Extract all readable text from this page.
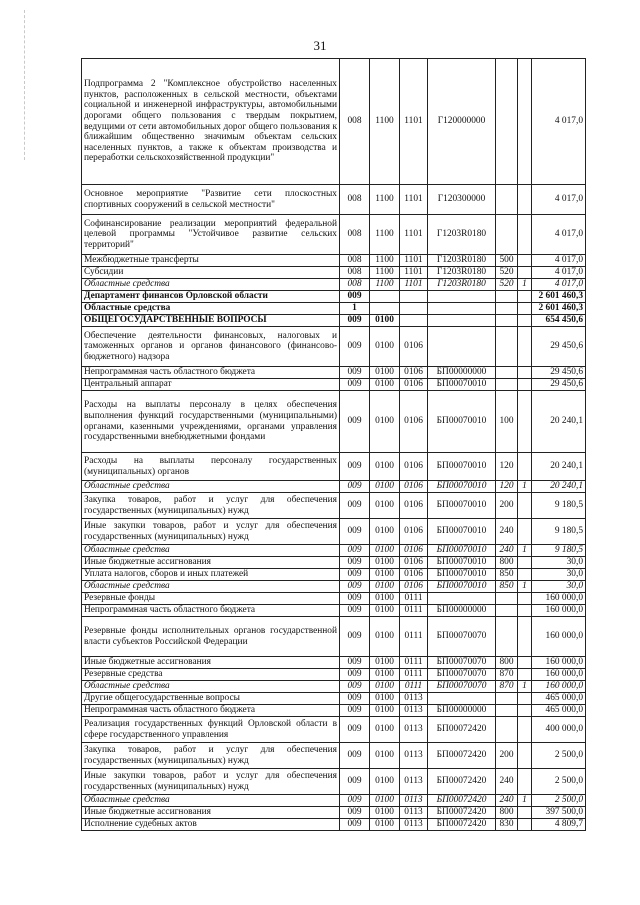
31
Подпрограмма 2 "Комплексное обустройство населенных пунктов, расположенных в сельской местности, объектами социальной и инженерной инфраструктуры, автомобильными дорогами общего пользования с твердым покрытием, ведущими от сети автомобильных дорог общего пользования к ближайшим общественно значимым объектам сельских населенных пунктов, а также к объектам производства и переработки сельскохозяйственной продукции"	008	1100	1101	Г120000000			4 017,0
Основное мероприятие "Развитие сети плоскостных спортивных сооружений в сельской местности"	008	1100	1101	Г120300000			4 017,0
Софинансирование реализации мероприятий федеральной целевой программы "Устойчивое развитие сельских территорий"	008	1100	1101	Г1203R0180			4 017,0
Межбюджетные трансферты	008	1100	1101	Г1203R0180	500		4 017,0
Субсидии	008	1100	1101	Г1203R0180	520		4 017,0
Областные средства	008	1100	1101	Г1203R0180	520	1	4 017,0
Департамент финансов Орловской области	009						2 601 460,3
Областные средства	1						2 601 460,3
ОБЩЕГОСУДАРСТВЕННЫЕ ВОПРОСЫ	009	0100					654 450,6
Обеспечение деятельности финансовых, налоговых и таможенных органов и органов финансового (финансово-бюджетного) надзора	009	0100	0106				29 450,6
Непрограммная часть областного бюджета	009	0100	0106	БП00000000			29 450,6
Центральный аппарат	009	0100	0106	БП00070010			29 450,6
Расходы на выплаты персоналу в целях обеспечения выполнения функций государственными (муниципальными) органами, казенными учреждениями, органами управления государственными внебюджетными фондами	009	0100	0106	БП00070010	100		20 240,1
Расходы на выплаты персоналу государственных (муниципальных) органов	009	0100	0106	БП00070010	120		20 240,1
Областные средства	009	0100	0106	БП00070010	120	1	20 240,1
Закупка товаров, работ и услуг для обеспечения государственных (муниципальных) нужд	009	0100	0106	БП00070010	200		9 180,5
Иные закупки товаров, работ и услуг для обеспечения государственных (муниципальных) нужд	009	0100	0106	БП00070010	240		9 180,5
Областные средства	009	0100	0106	БП00070010	240	1	9 180,5
Иные бюджетные ассигнования	009	0100	0106	БП00070010	800		30,0
Уплата налогов, сборов и иных платежей	009	0100	0106	БП00070010	850		30,0
Областные средства	009	0100	0106	БП00070010	850	1	30,0
Резервные фонды	009	0100	0111				160 000,0
Непрограммная часть областного бюджета	009	0100	0111	БП00000000			160 000,0
Резервные фонды исполнительных органов государственной власти субъектов Российской Федерации	009	0100	0111	БП00070070			160 000,0
Иные бюджетные ассигнования	009	0100	0111	БП00070070	800		160 000,0
Резервные средства	009	0100	0111	БП00070070	870		160 000,0
Областные средства	009	0100	0111	БП00070070	870	1	160 000,0
Другие общегосударственные вопросы	009	0100	0113				465 000,0
Непрограммная часть областного бюджета	009	0100	0113	БП00000000			465 000,0
Реализация государственных функций Орловской области в сфере государственного управления	009	0100	0113	БП00072420			400 000,0
Закупка товаров, работ и услуг для обеспечения государственных (муниципальных) нужд	009	0100	0113	БП00072420	200		2 500,0
Иные закупки товаров, работ и услуг для обеспечения государственных (муниципальных) нужд	009	0100	0113	БП00072420	240		2 500,0
Областные средства	009	0100	0113	БП00072420	240	1	2 500,0
Иные бюджетные ассигнования	009	0100	0113	БП00072420	800		397 500,0
Исполнение судебных актов	009	0100	0113	БП00072420	830		4 809,7
